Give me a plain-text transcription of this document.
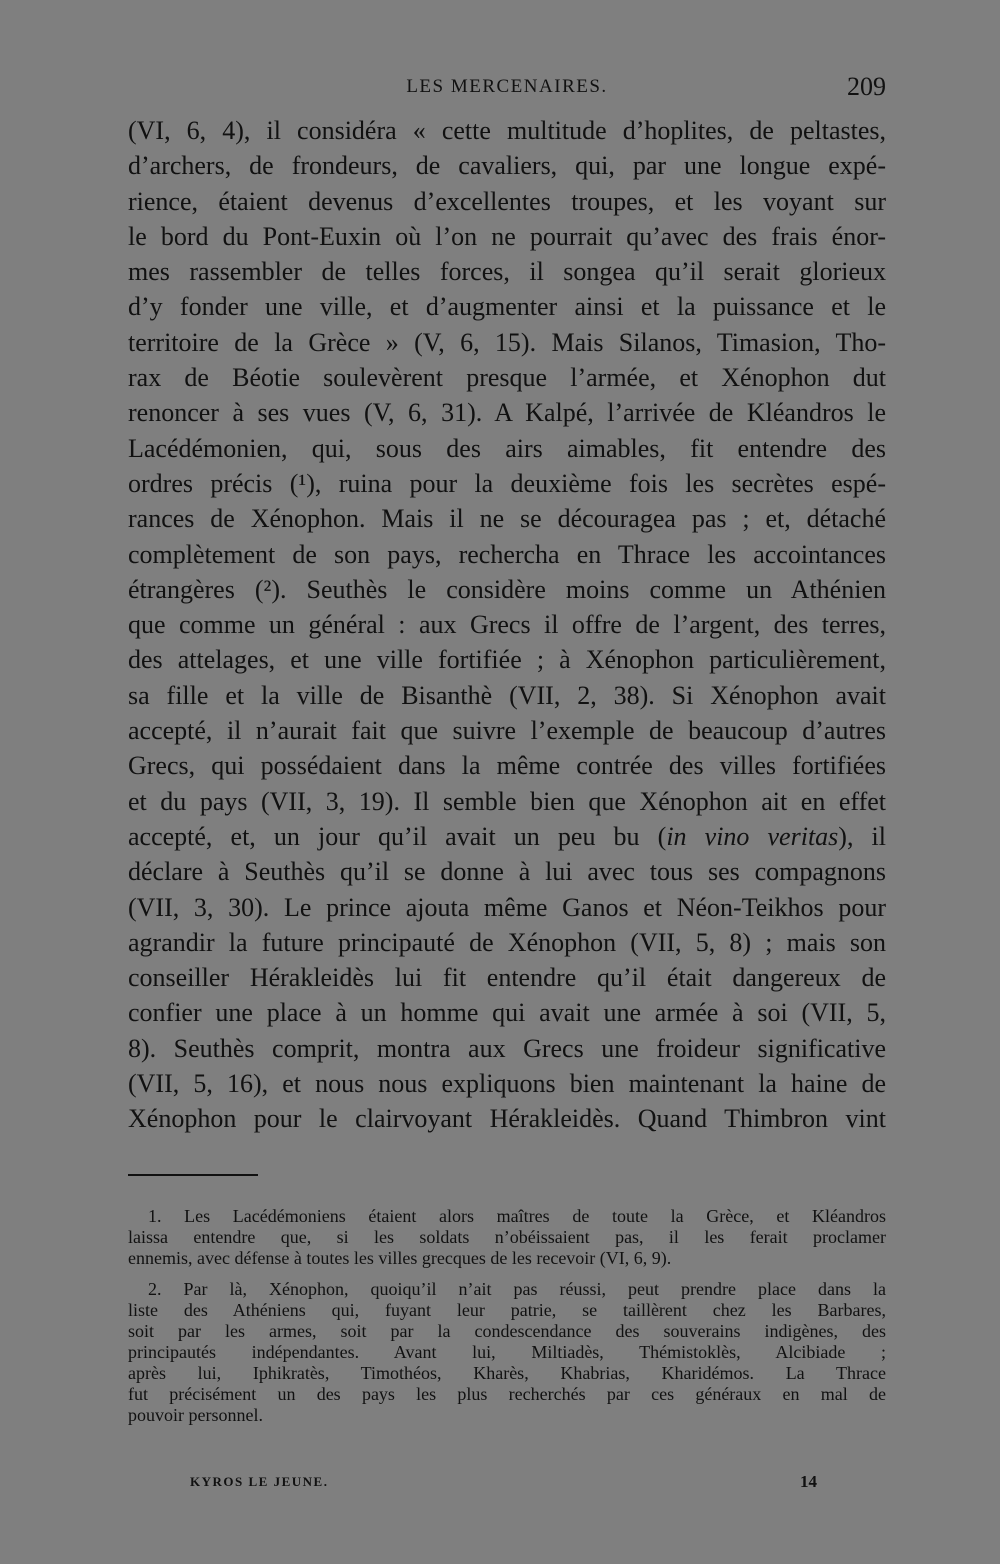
LES MERCENAIRES.	209
(VI, 6, 4), il considéra « cette multitude d’hoplites, de peltastes,
d’archers, de frondeurs, de cavaliers, qui, par une longue expé-
rience, étaient devenus d’excellentes troupes, et les voyant sur
le bord du Pont-Euxin où l’on ne pourrait qu’avec des frais énor-
mes rassembler de telles forces, il songea qu’il serait glorieux
d’y fonder une ville, et d’augmenter ainsi et la puissance et le
territoire de la Grèce » (V, 6, 15). Mais Silanos, Timasion, Tho-
rax de Béotie soulevèrent presque l’armée, et Xénophon dut
renoncer à ses vues (V, 6, 31). A Kalpé, l’arrivée de Kléandros le
Lacédémonien, qui, sous des airs aimables, fit entendre des
ordres précis (¹), ruina pour la deuxième fois les secrètes espé-
rances de Xénophon. Mais il ne se découragea pas ; et, détaché
complètement de son pays, rechercha en Thrace les accointances
étrangères (²). Seuthès le considère moins comme un Athénien
que comme un général : aux Grecs il offre de l’argent, des terres,
des attelages, et une ville fortifiée ; à Xénophon particulièrement,
sa fille et la ville de Bisanthè (VII, 2, 38). Si Xénophon avait
accepté, il n’aurait fait que suivre l’exemple de beaucoup d’autres
Grecs, qui possédaient dans la même contrée des villes fortifiées
et du pays (VII, 3, 19). Il semble bien que Xénophon ait en effet
accepté, et, un jour qu’il avait un peu bu (in vino veritas), il
déclare à Seuthès qu’il se donne à lui avec tous ses compagnons
(VII, 3, 30). Le prince ajouta même Ganos et Néon-Teikhos pour
agrandir la future principauté de Xénophon (VII, 5, 8) ; mais son
conseiller Hérakleidès lui fit entendre qu’il était dangereux de
confier une place à un homme qui avait une armée à soi (VII, 5,
8). Seuthès comprit, montra aux Grecs une froideur significative
(VII, 5, 16), et nous nous expliquons bien maintenant la haine de
Xénophon pour le clairvoyant Hérakleidès. Quand Thimbron vint
1. Les Lacédémoniens étaient alors maîtres de toute la Grèce, et Kléandros
laissa entendre que, si les soldats n’obéissaient pas, il les ferait proclamer
ennemis, avec défense à toutes les villes grecques de les recevoir (VI, 6, 9).
2. Par là, Xénophon, quoiqu’il n’ait pas réussi, peut prendre place dans la
liste des Athéniens qui, fuyant leur patrie, se taillèrent chez les Barbares,
soit par les armes, soit par la condescendance des souverains indigènes, des
principautés indépendantes. Avant lui, Miltiadès, Thémistoklès, Alcibiade ;
après lui, Iphikratès, Timothéos, Kharès, Khabrias, Kharidémos. La Thrace
fut précisément un des pays les plus recherchés par ces généraux en mal de
pouvoir personnel.
KYROS LE JEUNE.	14
